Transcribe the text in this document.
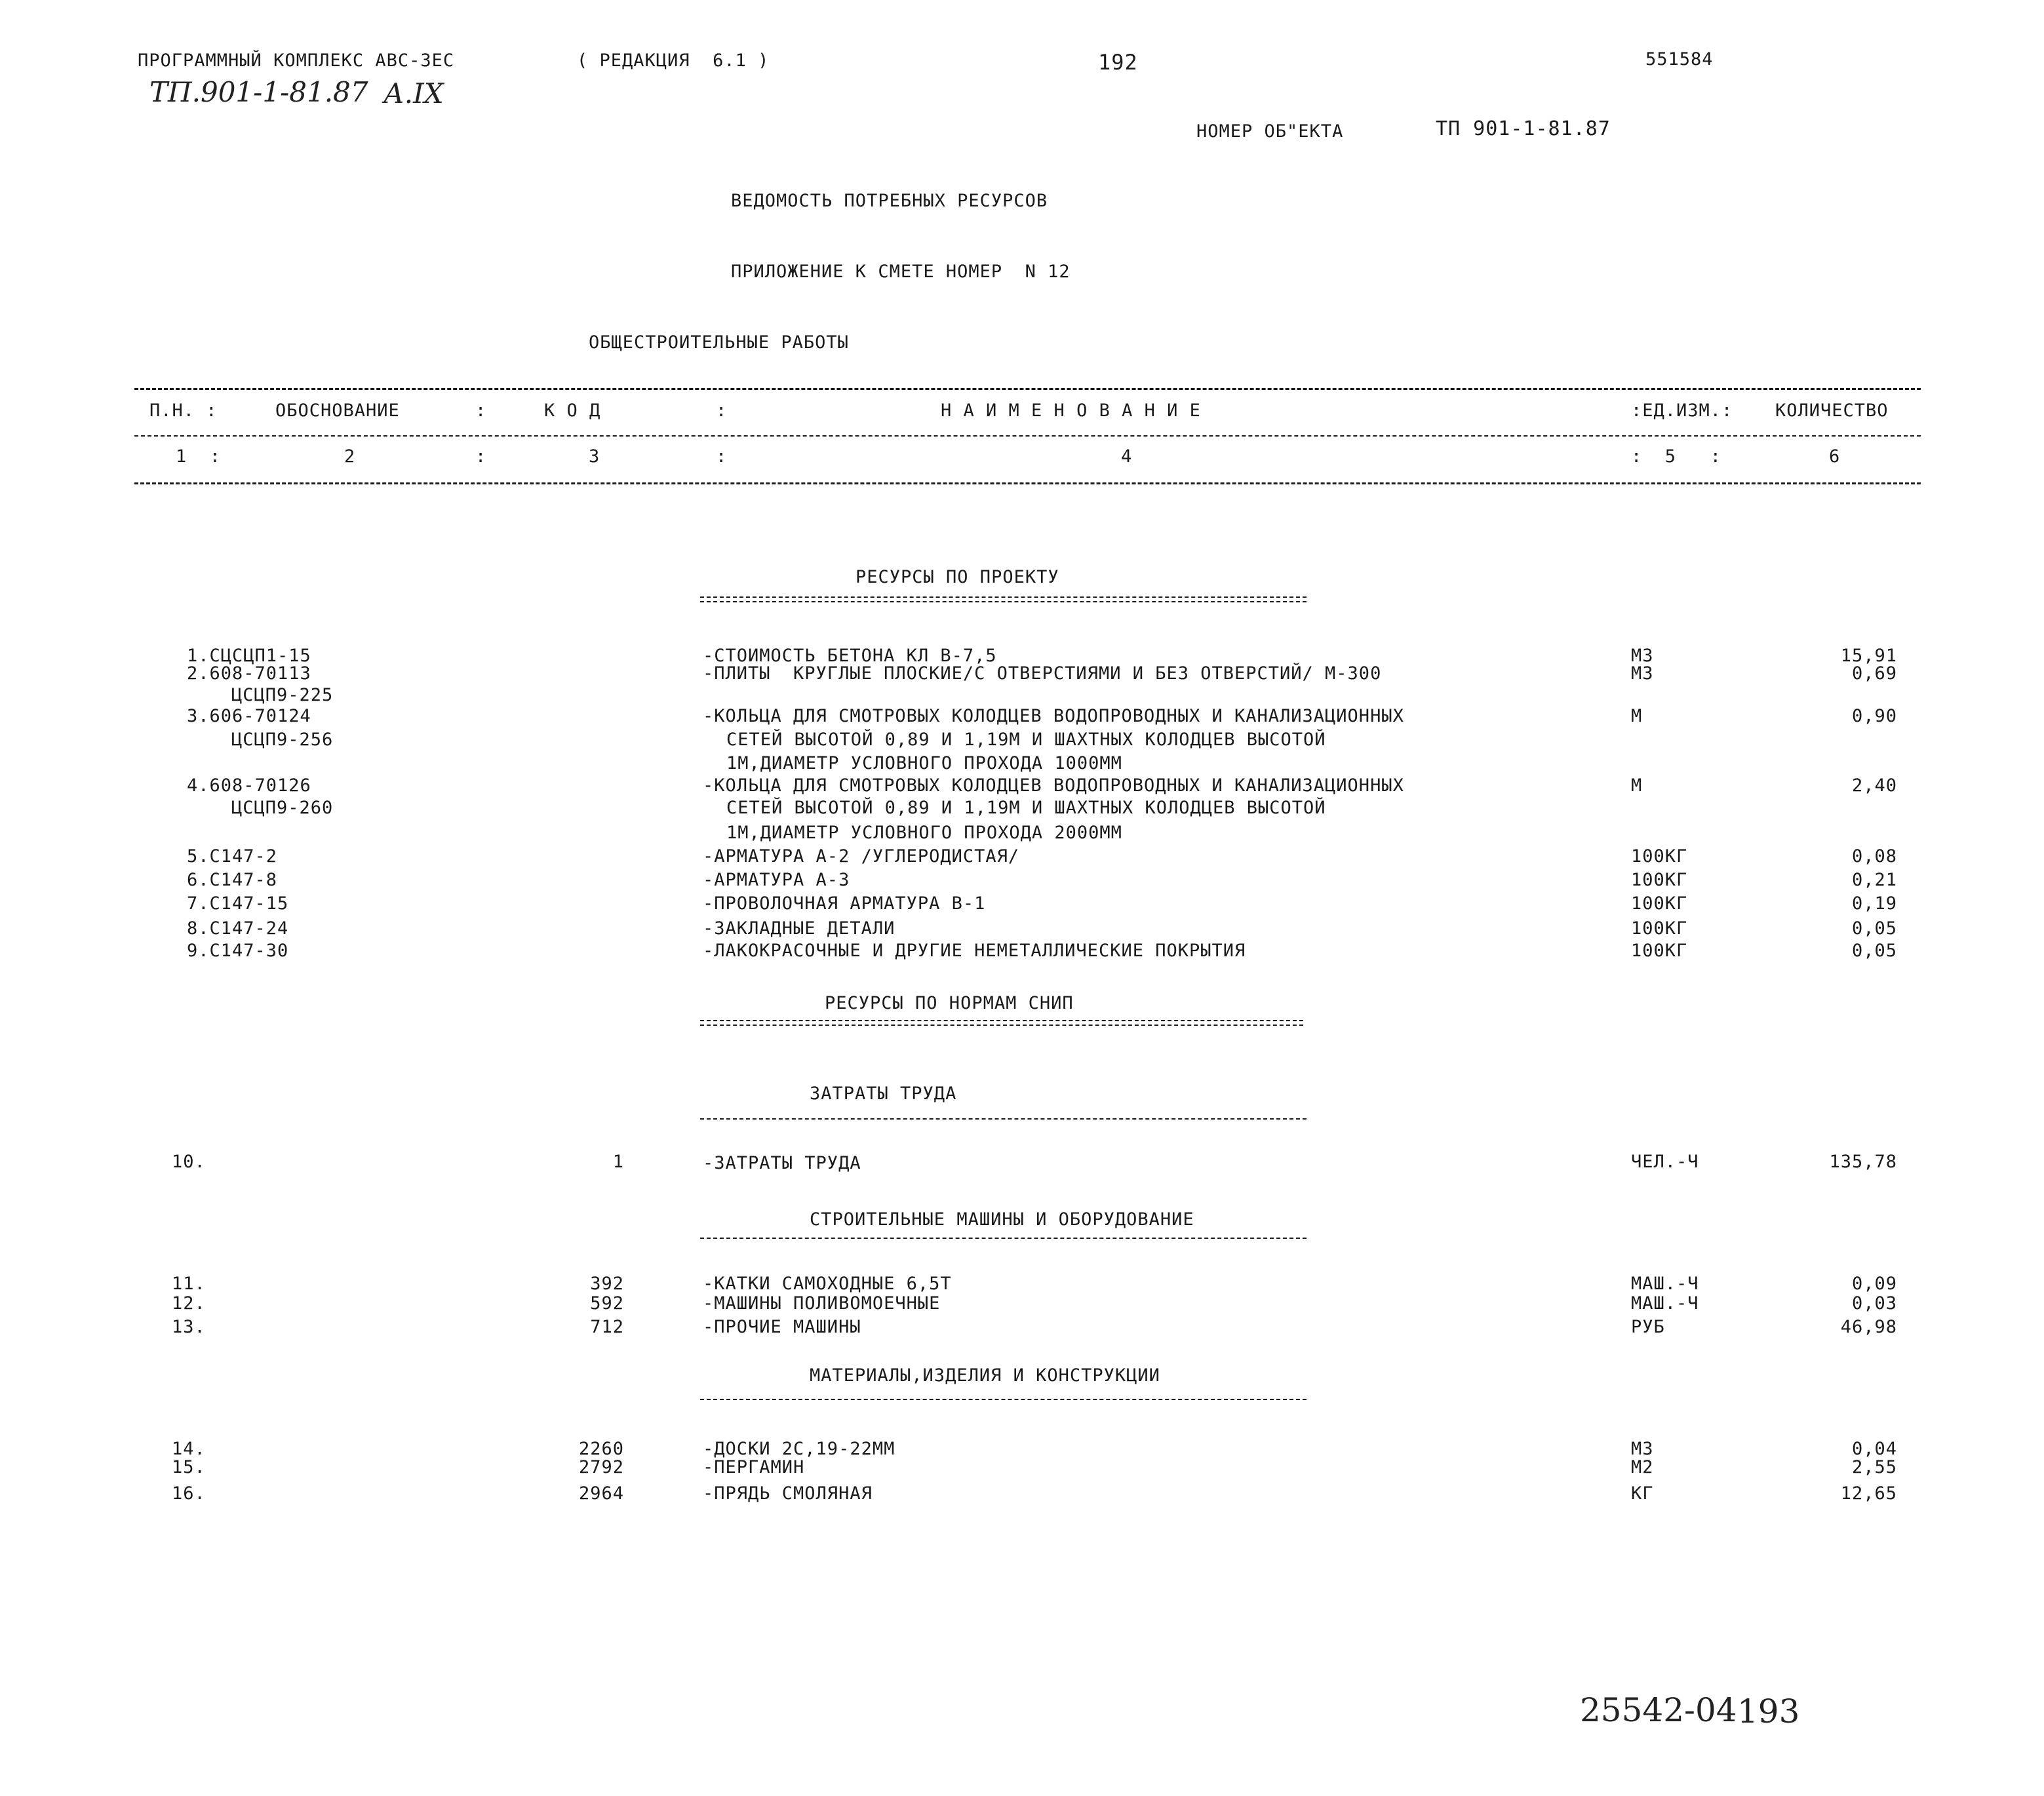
ПРОГРАММНЫЙ КОМПЛЕКС АВС-ЗЕС	( РЕДАКЦИЯ  6.1 )	192	551584
ТП.901-1-81.87 А.IX
НОМЕР ОБ"ЕКТА	ТП 901-1-81.87
ВЕДОМОСТЬ ПОТРЕБНЫХ РЕСУРСОВ
ПРИЛОЖЕНИЕ К СМЕТЕ НОМЕР  N 12
ОБЩЕСТРОИТЕЛЬНЫЕ РАБОТЫ
П.Н. :	ОБОСНОВАНИЕ	:	К О Д	:	Н А И М Е Н О В А Н И Е	:ЕД.ИЗМ.: КОЛИЧЕСТВО
1  :	2	:	3	:	4	:  5   :	6
РЕСУРСЫ ПО ПРОЕКТУ
1.СЦСЦП1-15	-СТОИМОСТЬ БЕТОНА КЛ В-7,5	М3	15,91
2.608-70113	-ПЛИТЫ  КРУГЛЫЕ ПЛОСКИЕ/С ОТВЕРСТИЯМИ И БЕЗ ОТВЕРСТИЙ/ М-300	М3	0,69
ЦСЦП9-225
3.606-70124	-КОЛЬЦА ДЛЯ СМОТРОВЫХ КОЛОДЦЕВ ВОДОПРОВОДНЫХ И КАНАЛИЗАЦИОННЫХ	М	0,90
ЦСЦП9-256	СЕТЕЙ ВЫСОТОЙ 0,89 И 1,19М И ШАХТНЫХ КОЛОДЦЕВ ВЫСОТОЙ
1М,ДИАМЕТР УСЛОВНОГО ПРОХОДА 1000ММ
4.608-70126	-КОЛЬЦА ДЛЯ СМОТРОВЫХ КОЛОДЦЕВ ВОДОПРОВОДНЫХ И КАНАЛИЗАЦИОННЫХ	М	2,40
ЦСЦП9-260	СЕТЕЙ ВЫСОТОЙ 0,89 И 1,19М И ШАХТНЫХ КОЛОДЦЕВ ВЫСОТОЙ
1М,ДИАМЕТР УСЛОВНОГО ПРОХОДА 2000ММ
5.С147-2	-АРМАТУРА А-2 /УГЛЕРОДИСТАЯ/	100КГ	0,08
6.С147-8	-АРМАТУРА А-3	100КГ	0,21
7.С147-15	-ПРОВОЛОЧНАЯ АРМАТУРА В-1	100КГ	0,19
8.С147-24	-ЗАКЛАДНЫЕ ДЕТАЛИ	100КГ	0,05
9.С147-30	-ЛАКОКРАСОЧНЫЕ И ДРУГИЕ НЕМЕТАЛЛИЧЕСКИЕ ПОКРЫТИЯ	100КГ	0,05
РЕСУРСЫ ПО НОРМАМ СНИП
ЗАТРАТЫ ТРУДА
10.	1	-ЗАТРАТЫ ТРУДА	ЧЕЛ.-Ч	135,78
СТРОИТЕЛЬНЫЕ МАШИНЫ И ОБОРУДОВАНИЕ
11.	392	-КАТКИ САМОХОДНЫЕ 6,5Т	МАШ.-Ч	0,09
12.	592	-МАШИНЫ ПОЛИВОМОЕЧНЫЕ	МАШ.-Ч	0,03
13.	712	-ПРОЧИЕ МАШИНЫ	РУБ	46,98
МАТЕРИАЛЫ,ИЗДЕЛИЯ И КОНСТРУКЦИИ
14.	2260	-ДОСКИ 2С,19-22ММ	М3	0,04
15.	2792	-ПЕРГАМИН	М2	2,55
16.	2964	-ПРЯДЬ СМОЛЯНАЯ	КГ	12,65
25542-04 193
